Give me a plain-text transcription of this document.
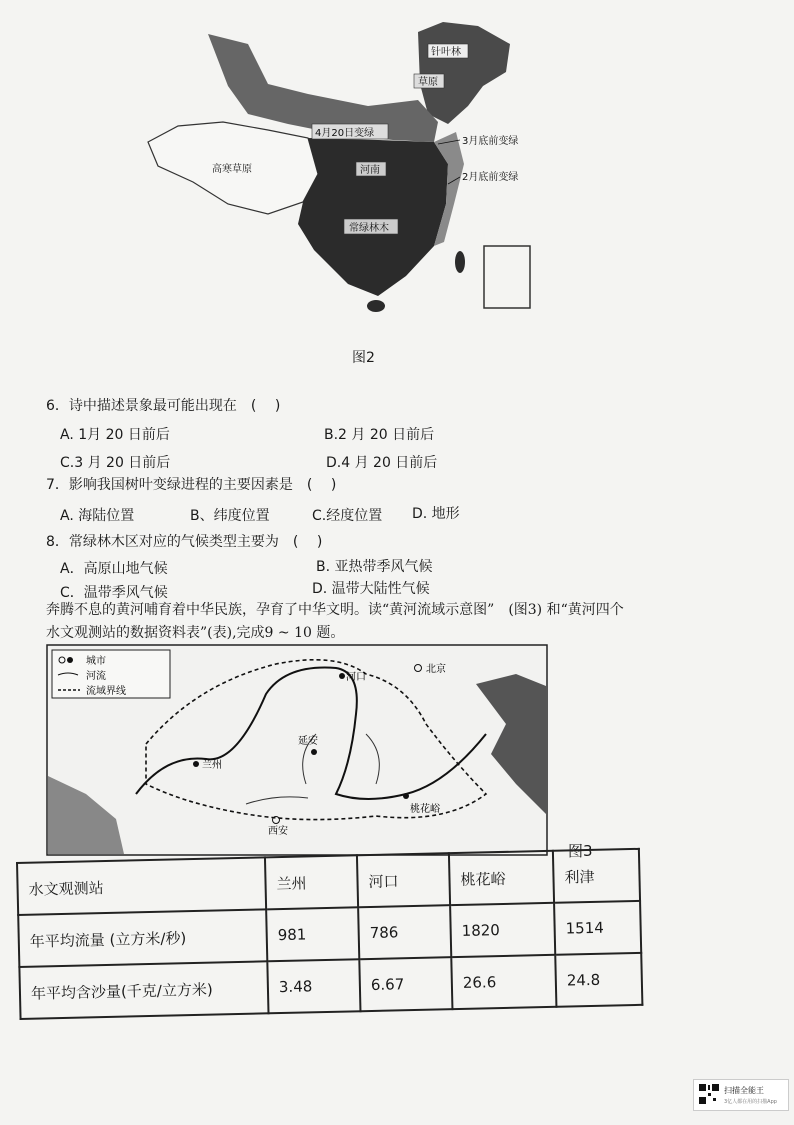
针叶林
草原
4月20日变绿
高寒草原
3月底前变绿
2月底前变绿
河南
常绿林木
图2
6．诗中描述景象最可能出现在　(　 )
A. 1月 20 日前后	B.2 月 20 日前后
C.3 月 20 日前后	D.4 月 20 日前后
7．影响我国树叶变绿进程的主要因素是　(　 )
A. 海陆位置	B、纬度位置	C.经度位置 D. 地形
8．常绿林木区对应的气候类型主要为　(　 )
A．高原山地气候	B. 亚热带季风气候
C．温带季风气候	D. 温带大陆性气候
奔腾不息的黄河哺育着中华民族，孕育了中华文明。读“黄河流域示意图”　(图3) 和“黄河四个
水文观测站的数据资料表”(表),完成9 ~ 10 题。
城市
河流
流域界线
兰州
西安
北京
河口
桃花峪
延安
图3
水文观测站	兰州	河口	桃花峪	利津
年平均流量 (立方米/秒)	981	786	1820	1514
年平均含沙量(千克/立方米)	3.48	6.67	26.6	24.8
扫描全能王
3亿人都在用的扫描App
